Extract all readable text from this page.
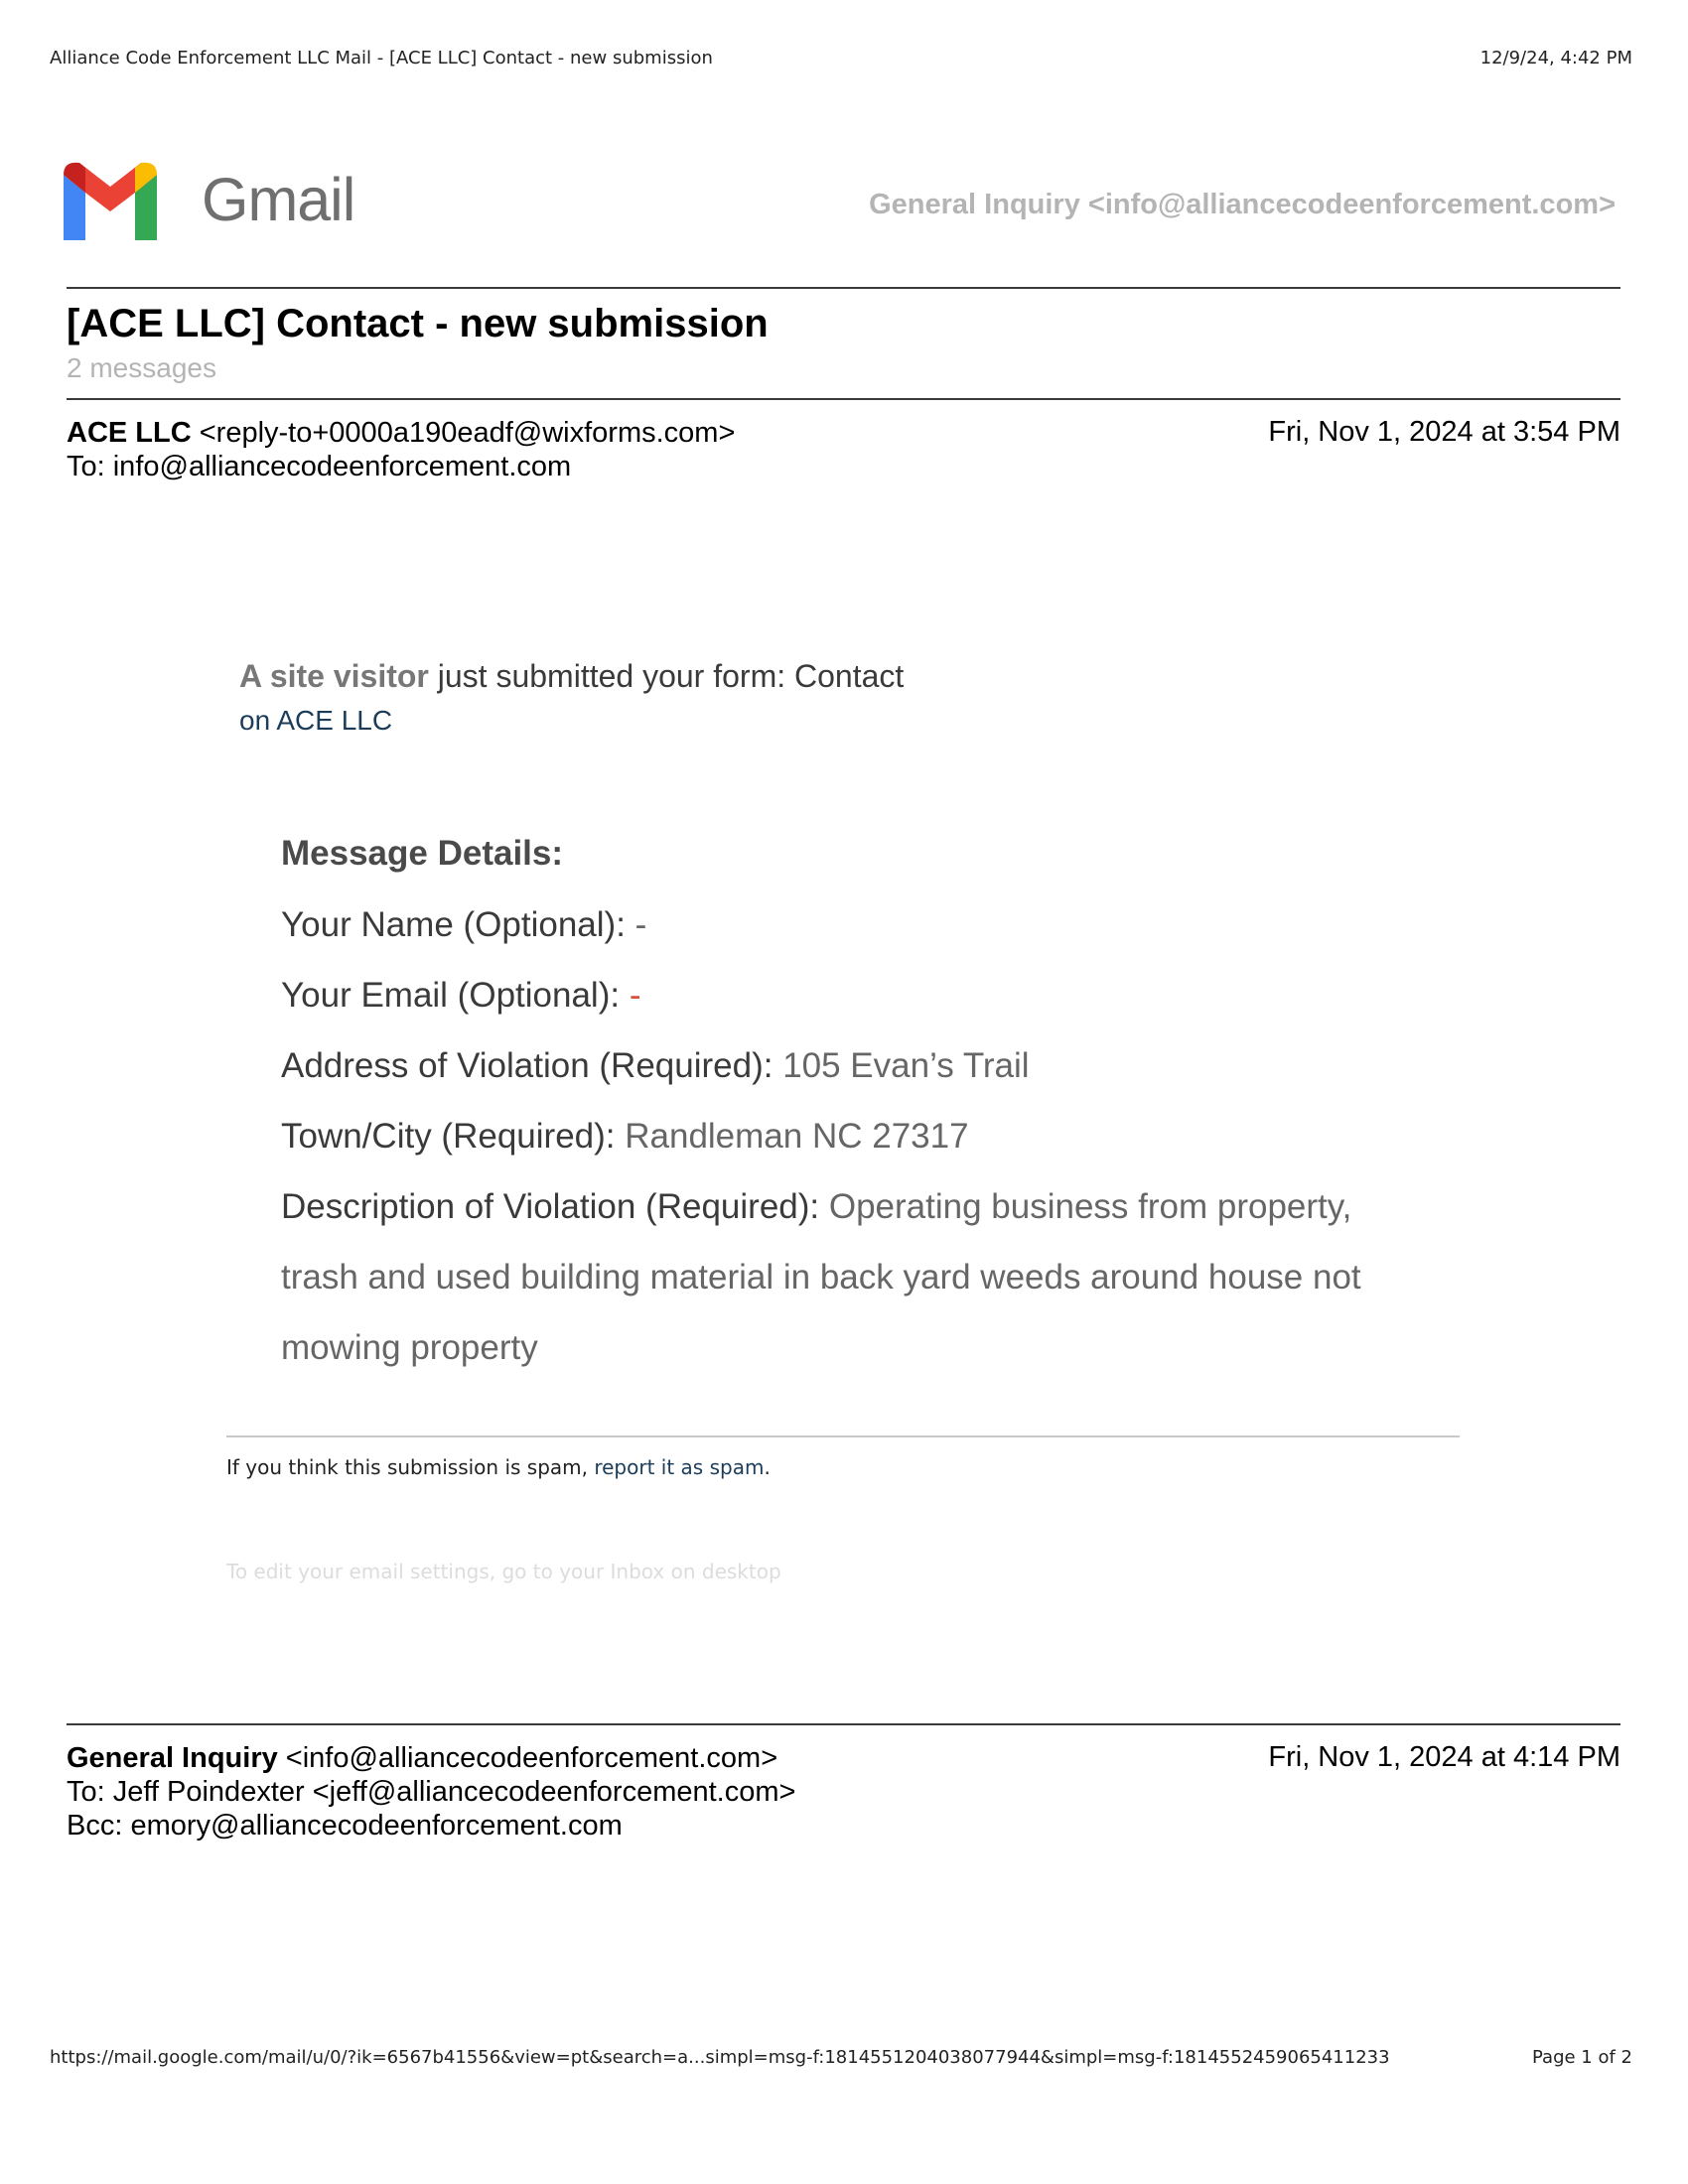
Alliance Code Enforcement LLC Mail - [ACE LLC] Contact - new submission	12/9/24, 4:42 PM
Gmail	General Inquiry <info@alliancecodeenforcement.com>
[ACE LLC] Contact - new submission
2 messages
ACE LLC <reply-to+0000a190eadf@wixforms.com>	Fri, Nov 1, 2024 at 3:54 PM
To: info@alliancecodeenforcement.com
A site visitor just submitted your form: Contact
on ACE LLC
Message Details:
Your Name (Optional): -
Your Email (Optional): -
Address of Violation (Required): 105 Evan’s Trail
Town/City (Required): Randleman NC 27317
Description of Violation (Required): Operating business from property,
trash and used building material in back yard weeds around house not
mowing property
If you think this submission is spam, report it as spam.
To edit your email settings, go to your Inbox on desktop
General Inquiry <info@alliancecodeenforcement.com>	Fri, Nov 1, 2024 at 4:14 PM
To: Jeff Poindexter <jeff@alliancecodeenforcement.com>
Bcc: emory@alliancecodeenforcement.com
https://mail.google.com/mail/u/0/?ik=6567b41556&view=pt&search=a...simpl=msg-f:1814551204038077944&simpl=msg-f:1814552459065411233	Page 1 of 2
